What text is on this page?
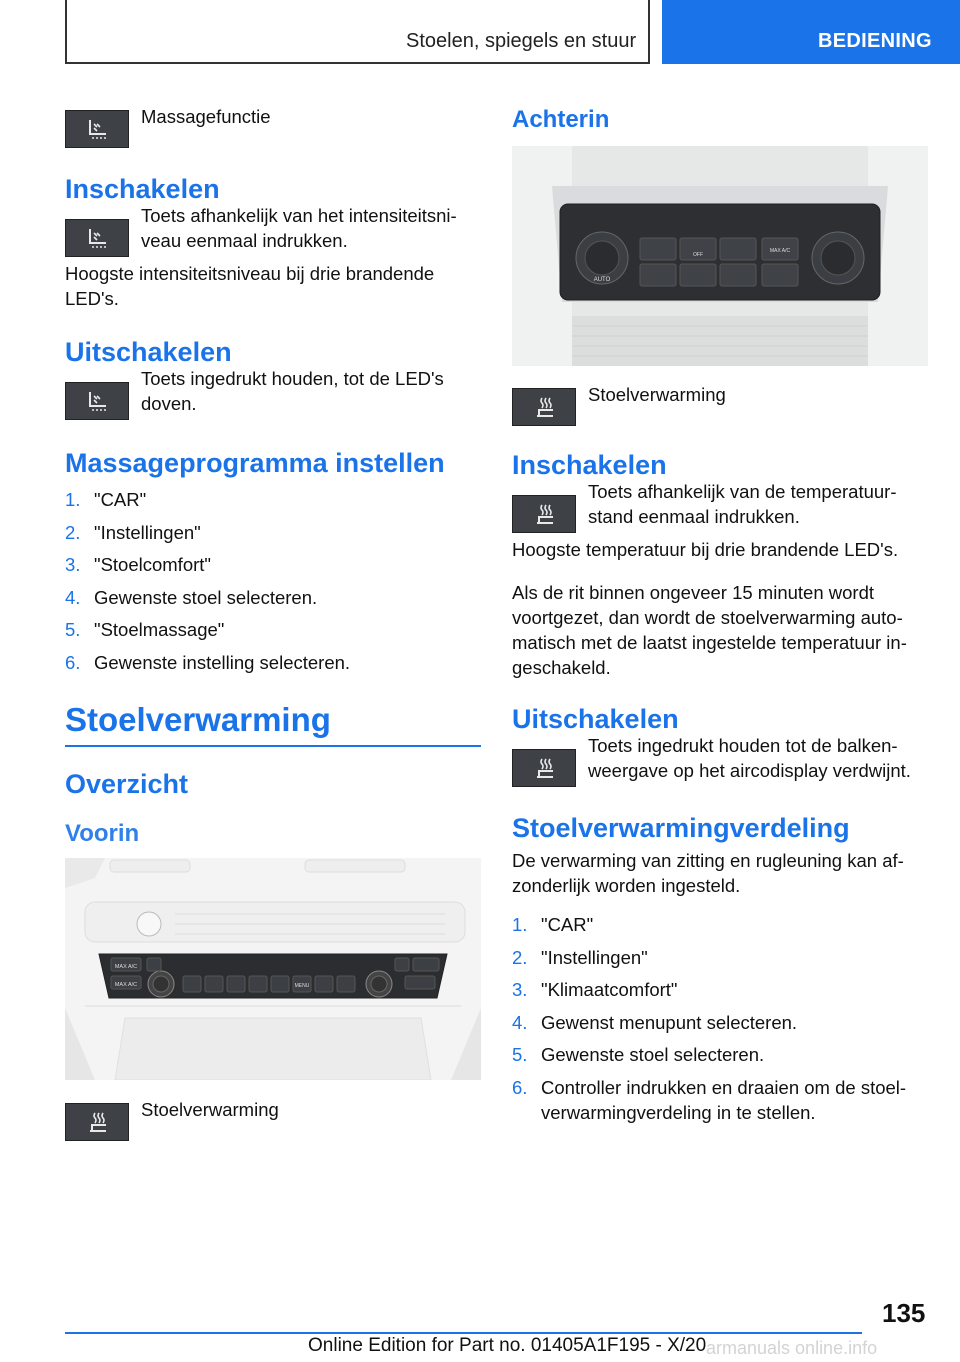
Stoelen, spiegels en stuur	BEDIENING
Massagefunctie
Inschakelen
Toets afhankelijk van het intensiteitsni-veau eenmaal indrukken.
Hoogste intensiteitsniveau bij drie brandende LED's.
Uitschakelen
Toets ingedrukt houden, tot de LED's doven.
Massageprogramma instellen
1. "CAR"
2. "Instellingen"
3. "Stoelcomfort"
4. Gewenste stoel selecteren.
5. "Stoelmassage"
6. Gewenste instelling selecteren.
Stoelverwarming
Overzicht
Voorin
MAX A/C
MAX A/C	MENU
Stoelverwarming
Achterin
AUTO
OFF
MAX A/C
Stoelverwarming
Inschakelen
Toets afhankelijk van de temperatuur-stand eenmaal indrukken.
Hoogste temperatuur bij drie brandende LED's.
Als de rit binnen ongeveer 15 minuten wordt voortgezet, dan wordt de stoelverwarming auto-matisch met de laatst ingestelde temperatuur in-geschakeld.
Uitschakelen
Toets ingedrukt houden tot de balken-weergave op het aircodisplay verdwijnt.
Stoelverwarmingverdeling
De verwarming van zitting en rugleuning kan af-zonderlijk worden ingesteld.
1. "CAR"
2. "Instellingen"
3. "Klimaatcomfort"
4. Gewenst menupunt selecteren.
5. Gewenste stoel selecteren.
6. Controller indrukken en draaien om de stoel-verwarmingverdeling in te stellen.
135
Online Edition for Part no. 01405A1F195 - X/20 armanuals online.info
